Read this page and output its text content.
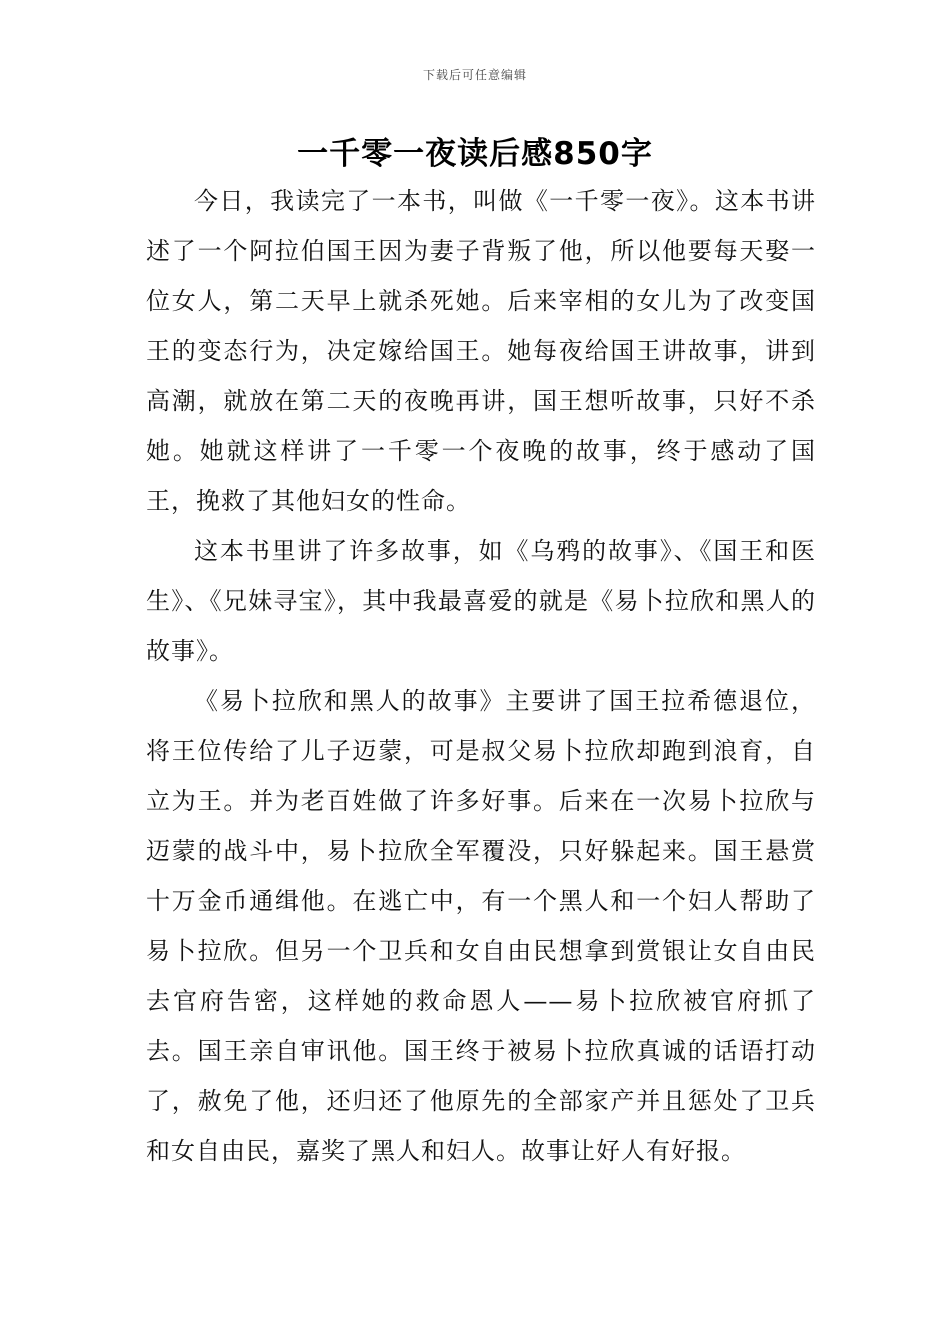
下载后可任意编辑
一千零一夜读后感850字

今日，我读完了一本书，叫做《一千零一夜》。这本书讲述了一个阿拉伯国王因为妻子背叛了他，所以他要每天娶一位女人，第二天早上就杀死她。后来宰相的女儿为了改变国王的变态行为，决定嫁给国王。她每夜给国王讲故事，讲到高潮，就放在第二天的夜晚再讲，国王想听故事，只好不杀她。她就这样讲了一千零一个夜晚的故事，终于感动了国王，挽救了其他妇女的性命。

这本书里讲了许多故事，如《乌鸦的故事》、《国王和医生》、《兄妹寻宝》，其中我最喜爱的就是《易卜拉欣和黑人的故事》。

《易卜拉欣和黑人的故事》主要讲了国王拉希德退位，将王位传给了儿子迈蒙，可是叔父易卜拉欣却跑到浪育，自立为王。并为老百姓做了许多好事。后来在一次易卜拉欣与迈蒙的战斗中，易卜拉欣全军覆没，只好躲起来。国王悬赏十万金币通缉他。在逃亡中，有一个黑人和一个妇人帮助了易卜拉欣。但另一个卫兵和女自由民想拿到赏银让女自由民去官府告密，这样她的救命恩人——易卜拉欣被官府抓了去。国王亲自审讯他。国王终于被易卜拉欣真诚的话语打动了，赦免了他，还归还了他原先的全部家产并且惩处了卫兵和女自由民，嘉奖了黑人和妇人。故事让好人有好报。
